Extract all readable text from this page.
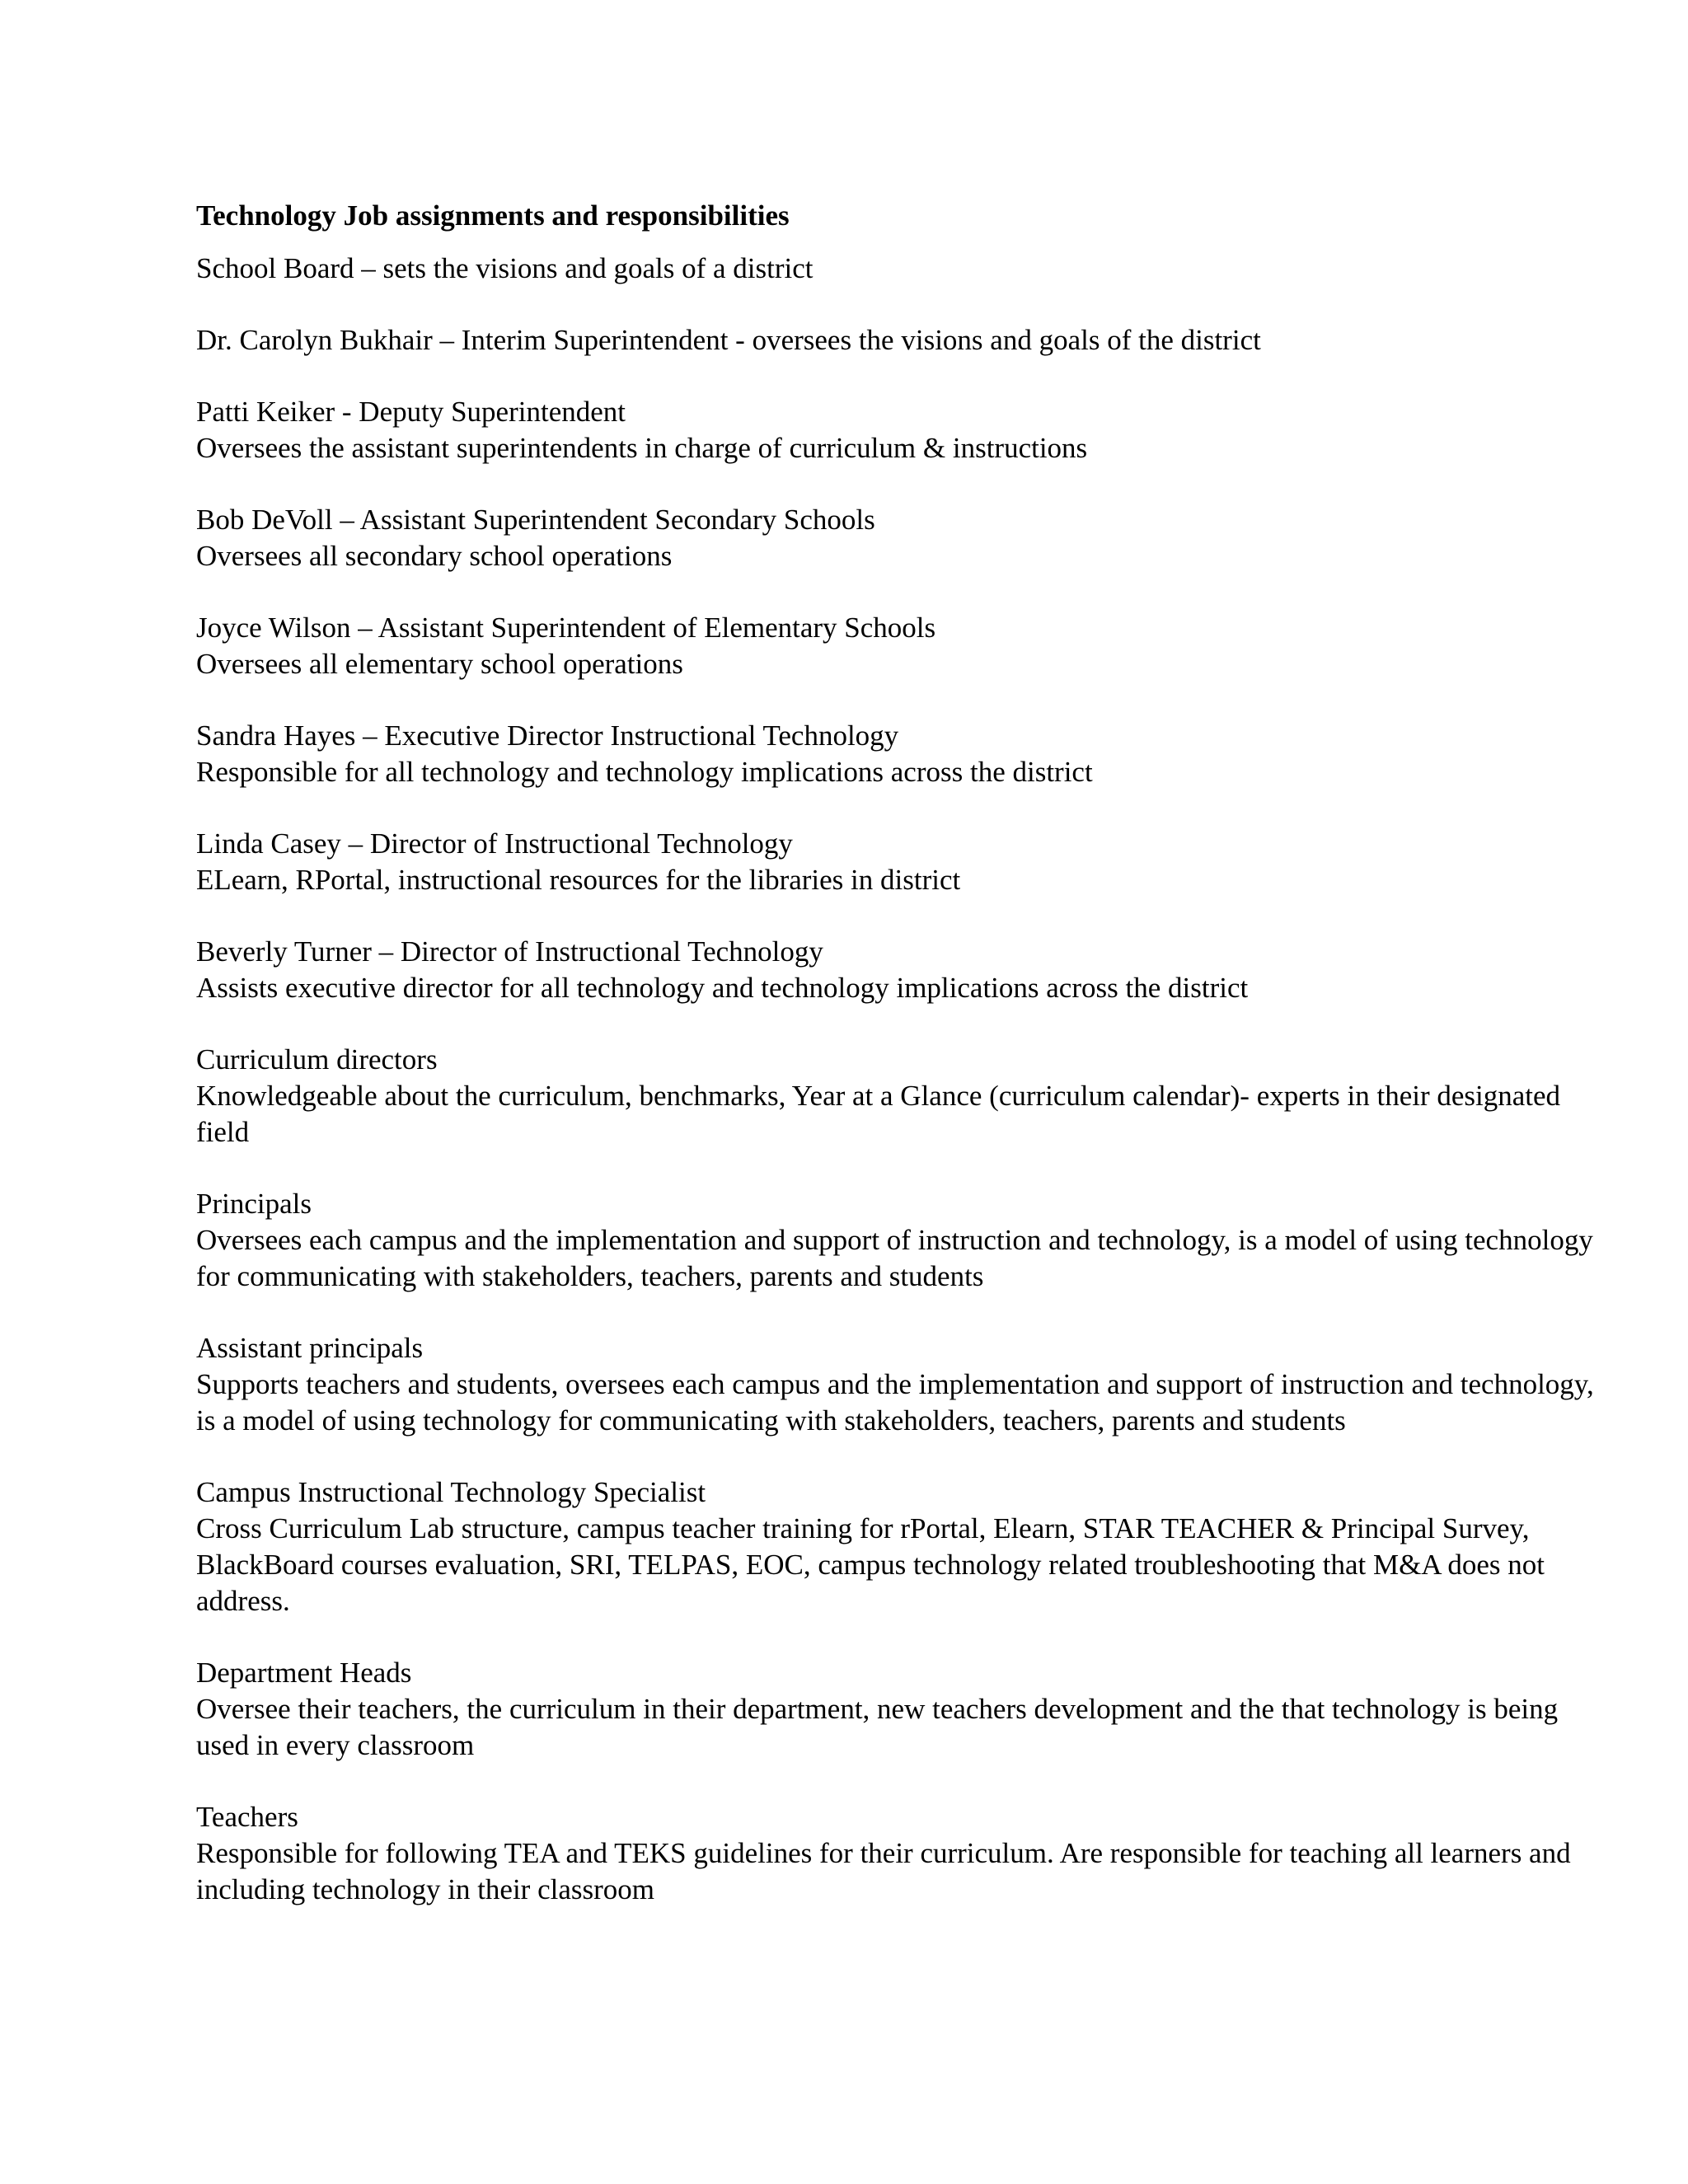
Technology Job assignments and responsibilities

School Board – sets the visions and goals of a district

Dr. Carolyn Bukhair – Interim Superintendent - oversees the visions and goals of the district

Patti Keiker - Deputy Superintendent

Oversees the assistant superintendents in charge of curriculum & instructions

Bob DeVoll – Assistant Superintendent Secondary Schools

Oversees all secondary school operations

Joyce Wilson – Assistant Superintendent of Elementary Schools

Oversees all elementary school operations

Sandra Hayes – Executive Director Instructional Technology

Responsible for all technology and technology implications across the district

Linda Casey – Director of Instructional Technology

ELearn, RPortal, instructional resources for the libraries in district

Beverly Turner – Director of Instructional Technology

Assists executive director for all technology and technology implications across the district

Curriculum directors

Knowledgeable about the curriculum, benchmarks, Year at a Glance (curriculum calendar)- experts in their designated field

Principals

Oversees each campus and the implementation and support of instruction and technology, is a model of using technology for communicating with stakeholders, teachers, parents and students

Assistant principals

Supports teachers and students, oversees each campus and the implementation and support of instruction and technology, is a model of using technology for communicating with stakeholders, teachers, parents and students

Campus Instructional Technology Specialist

Cross Curriculum Lab structure, campus teacher training for rPortal, Elearn, STAR TEACHER & Principal Survey, BlackBoard courses evaluation, SRI, TELPAS, EOC, campus technology related troubleshooting that M&A does not address.

Department Heads

Oversee their teachers, the curriculum in their department, new teachers development and the that technology is being used in every classroom

Teachers

Responsible for following TEA and TEKS guidelines for their curriculum. Are responsible for teaching all learners and including technology in their classroom
